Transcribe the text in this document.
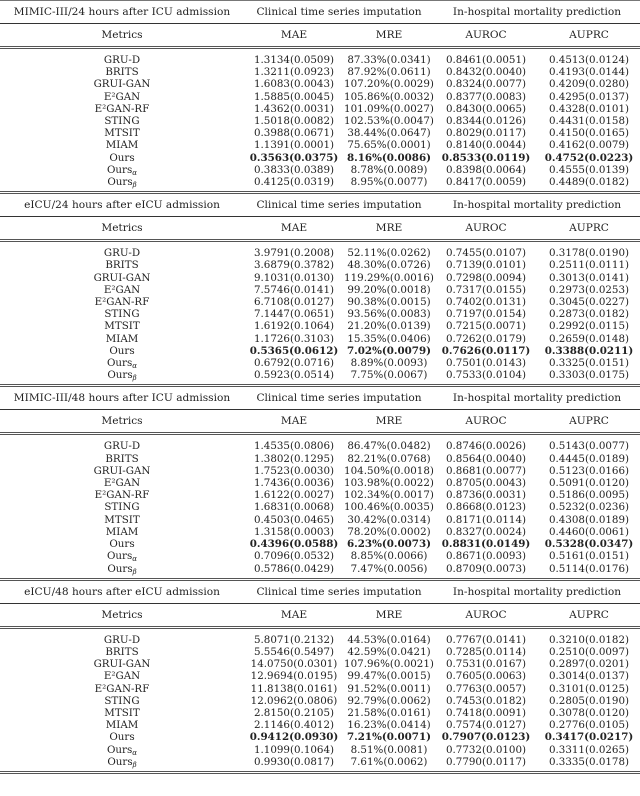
MIMIC-III/24 hours after ICU admission	Clinical time series imputation		In-hospital mortality prediction	
Metrics	MAE	MRE	AUROC	AUPRC
GRU-D	1.3134(0.0509)	87.33%(0.0341)	0.8461(0.0051)	0.4513(0.0124)
BRITS	1.3211(0.0923)	87.92%(0.0611)	0.8432(0.0040)	0.4193(0.0144)
GRUI-GAN	1.6083(0.0043)	107.20%(0.0029)	0.8324(0.0077)	0.4209(0.0280)
E²GAN	1.5885(0.0045)	105.86%(0.0032)	0.8377(0.0083)	0.4295(0.0137)
E²GAN-RF	1.4362(0.0031)	101.09%(0.0027)	0.8430(0.0065)	0.4328(0.0101)
STING	1.5018(0.0082)	102.53%(0.0047)	0.8344(0.0126)	0.4431(0.0158)
MTSIT	0.3988(0.0671)	38.44%(0.0647)	0.8029(0.0117)	0.4150(0.0165)
MIAM	1.1391(0.0001)	75.65%(0.0001)	0.8140(0.0044)	0.4162(0.0079)
Ours	0.3563(0.0375)	8.16%(0.0086)	0.8533(0.0119)	0.4752(0.0223)
Ours$_\alpha$	0.3833(0.0389)	8.78%(0.0089)	0.8398(0.0064)	0.4555(0.0139)
Ours$_\beta$	0.4125(0.0319)	8.95%(0.0077)	0.8417(0.0059)	0.4489(0.0182)
eICU/24 hours after eICU admission	Clinical time series imputation		In-hospital mortality prediction	
Metrics	MAE	MRE	AUROC	AUPRC
GRU-D	3.9791(0.2008)	52.11%(0.0262)	0.7455(0.0107)	0.3178(0.0190)
BRITS	3.6879(0.3782)	48.30%(0.0726)	0.7139(0.0101)	0.2511(0.0111)
GRUI-GAN	9.1031(0.0130)	119.29%(0.0016)	0.7298(0.0094)	0.3013(0.0141)
E²GAN	7.5746(0.0141)	99.20%(0.0018)	0.7317(0.0155)	0.2973(0.0253)
E²GAN-RF	6.7108(0.0127)	90.38%(0.0015)	0.7402(0.0131)	0.3045(0.0227)
STING	7.1447(0.0651)	93.56%(0.0083)	0.7197(0.0154)	0.2873(0.0182)
MTSIT	1.6192(0.1064)	21.20%(0.0139)	0.7215(0.0071)	0.2992(0.0115)
MIAM	1.1726(0.3103)	15.35%(0.0406)	0.7262(0.0179)	0.2659(0.0148)
Ours	0.5365(0.0612)	7.02%(0.0079)	0.7626(0.0117)	0.3388(0.0211)
Ours$_\alpha$	0.6792(0.0716)	8.89%(0.0093)	0.7501(0.0143)	0.3325(0.0151)
Ours$_\beta$	0.5923(0.0514)	7.75%(0.0067)	0.7533(0.0104)	0.3303(0.0175)
MIMIC-III/48 hours after ICU admission	Clinical time series imputation		In-hospital mortality prediction	
Metrics	MAE	MRE	AUROC	AUPRC
GRU-D	1.4535(0.0806)	86.47%(0.0482)	0.8746(0.0026)	0.5143(0.0077)
BRITS	1.3802(0.1295)	82.21%(0.0768)	0.8564(0.0040)	0.4445(0.0189)
GRUI-GAN	1.7523(0.0030)	104.50%(0.0018)	0.8681(0.0077)	0.5123(0.0166)
E²GAN	1.7436(0.0036)	103.98%(0.0022)	0.8705(0.0043)	0.5091(0.0120)
E²GAN-RF	1.6122(0.0027)	102.34%(0.0017)	0.8736(0.0031)	0.5186(0.0095)
STING	1.6831(0.0068)	100.46%(0.0035)	0.8668(0.0123)	0.5232(0.0236)
MTSIT	0.4503(0.0465)	30.42%(0.0314)	0.8171(0.0114)	0.4308(0.0189)
MIAM	1.3158(0.0003)	78.20%(0.0002)	0.8327(0.0024)	0.4460(0.0061)
Ours	0.4396(0.0588)	6.23%(0.0073)	0.8831(0.0149)	0.5328(0.0347)
Ours$_\alpha$	0.7096(0.0532)	8.85%(0.0066)	0.8671(0.0093)	0.5161(0.0151)
Ours$_\beta$	0.5786(0.0429)	7.47%(0.0056)	0.8709(0.0073)	0.5114(0.0176)
eICU/48 hours after eICU admission	Clinical time series imputation		In-hospital mortality prediction	
Metrics	MAE	MRE	AUROC	AUPRC
GRU-D	5.8071(0.2132)	44.53%(0.0164)	0.7767(0.0141)	0.3210(0.0182)
BRITS	5.5546(0.5497)	42.59%(0.0421)	0.7285(0.0114)	0.2510(0.0097)
GRUI-GAN	14.0750(0.0301)	107.96%(0.0021)	0.7531(0.0167)	0.2897(0.0201)
E²GAN	12.9694(0.0195)	99.47%(0.0015)	0.7605(0.0063)	0.3014(0.0137)
E²GAN-RF	11.8138(0.0161)	91.52%(0.0011)	0.7763(0.0057)	0.3101(0.0125)
STING	12.0962(0.0806)	92.79%(0.0062)	0.7453(0.0182)	0.2805(0.0190)
MTSIT	2.8150(0.2105)	21.58%(0.0161)	0.7418(0.0091)	0.3078(0.0120)
MIAM	2.1146(0.4012)	16.23%(0.0414)	0.7574(0.0127)	0.2776(0.0105)
Ours	0.9412(0.0930)	7.21%(0.0071)	0.7907(0.0123)	0.3417(0.0217)
Ours$_\alpha$	1.1099(0.1064)	8.51%(0.0081)	0.7732(0.0100)	0.3311(0.0265)
Ours$_\beta$	0.9930(0.0817)	7.61%(0.0062)	0.7790(0.0117)	0.3335(0.0178)
